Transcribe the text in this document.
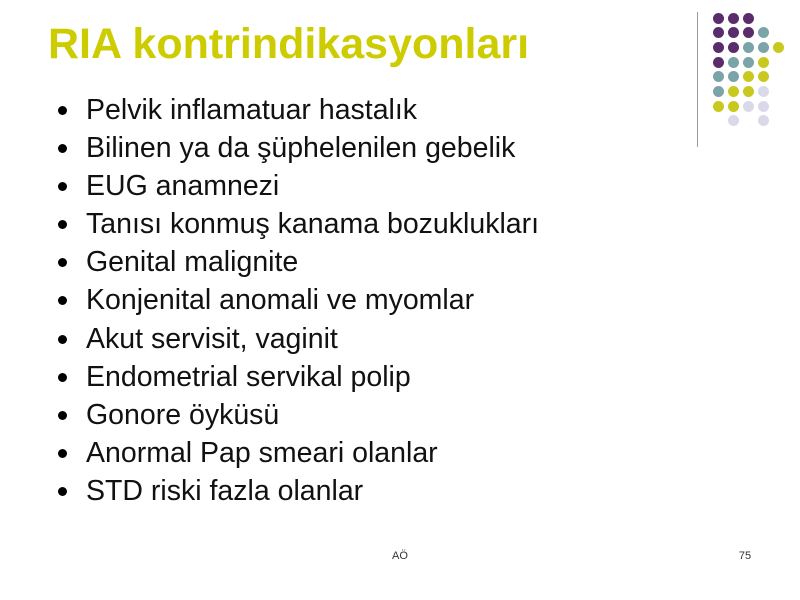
RIA kontrindikasyonları
Pelvik inflamatuar hastalık
Bilinen ya da şüphelenilen gebelik
EUG anamnezi
Tanısı konmuş kanama bozuklukları
Genital malignite
Konjenital anomali ve myomlar
Akut servisit, vaginit
Endometrial servikal polip
Gonore öyküsü
Anormal Pap smeari olanlar
STD riski fazla olanlar
AÖ	75
